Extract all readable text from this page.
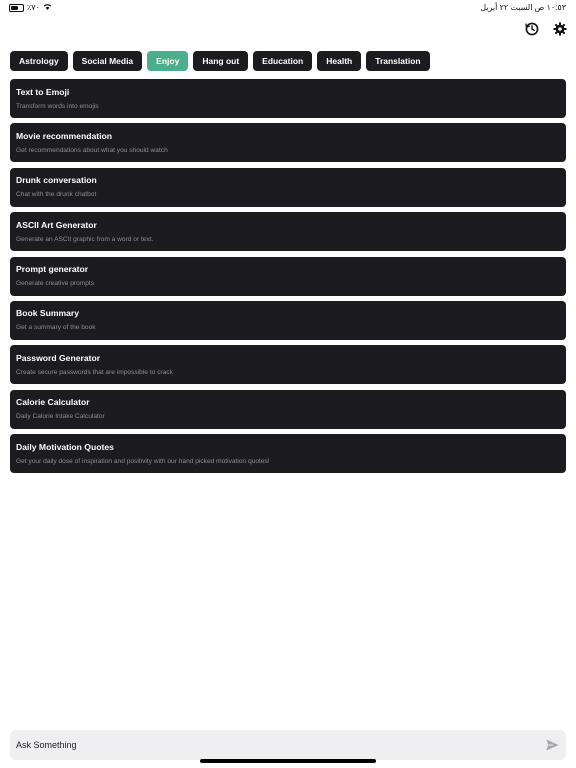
٪٧٠	١٠:٥٣ ص السبت ٢٢ أبريل
Astrology	Social Media	Enjoy	Hang out	Education	Health	Translation
Text to Emoji
Transform words into emojis
Movie recommendation
Get recommendations about what you should watch
Drunk conversation
Chat with the drunk chatbot
ASCII Art Generator
Generate an ASCII graphic from a word or text.
Prompt generator
Generate creative prompts
Book Summary
Get a summary of the book
Password Generator
Create secure passwords that are impossible to crack
Calorie Calculator
Daily Calorie Intake Calculator
Daily Motivation Quotes
Get your daily dose of inspiration and positivity with our hand picked motivation quotes!
Ask Something
